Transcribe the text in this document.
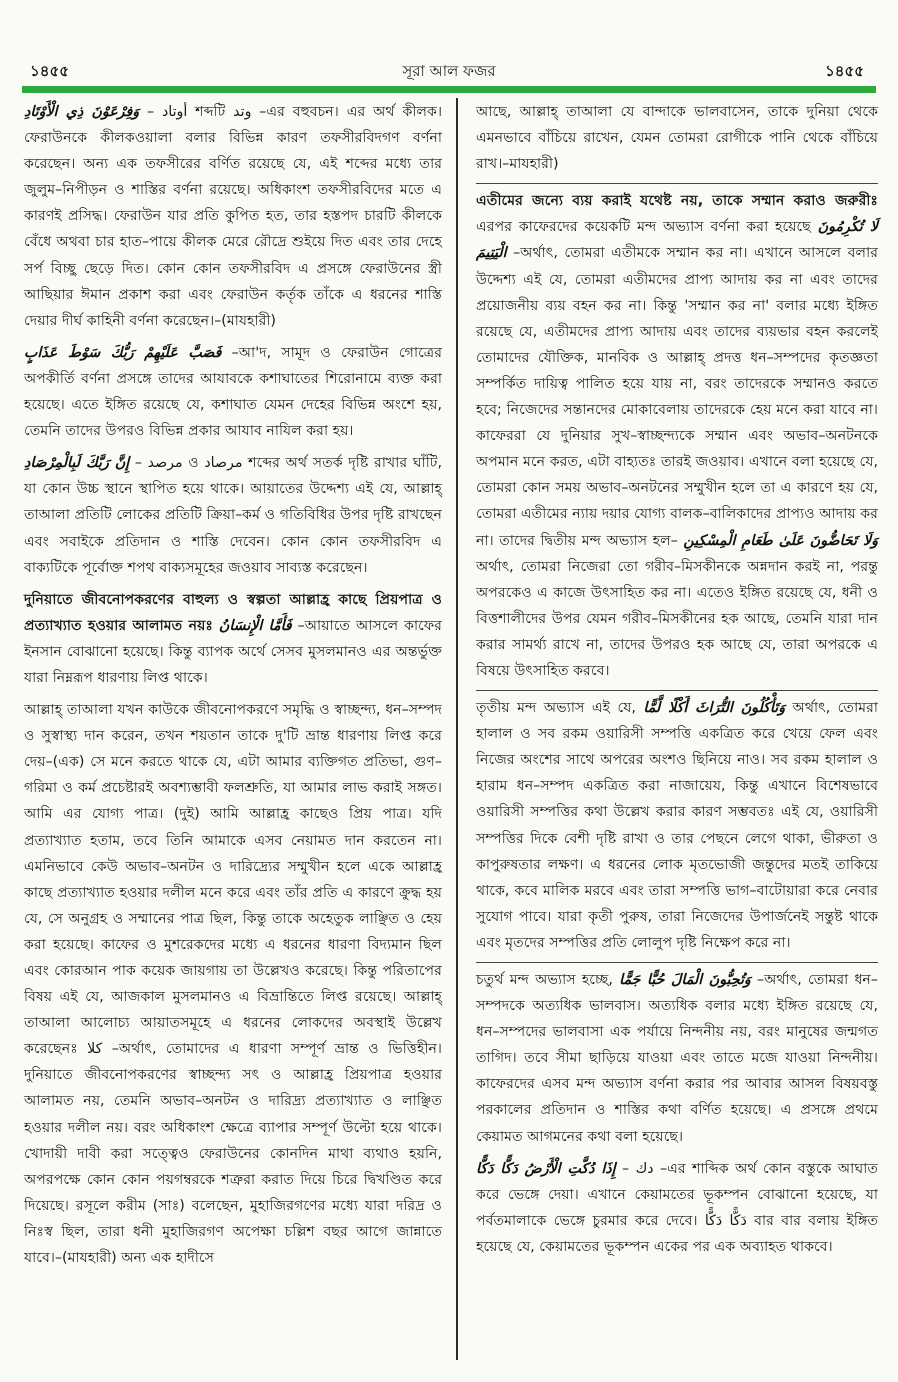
১৪৫৫	সূরা আল ফজর	১৪৫৫

وَفِرْعَوْنَ ذِي الْأَوْتَادِ – أوتاد শব্দটি وتد –এর বহুবচন। এর অর্থ কীলক। ফেরাউনকে কীলকওয়ালা বলার বিভিন্ন কারণ তফসীরবিদগণ বর্ণনা করেছেন। অন্য এক তফসীরের বর্ণিত রয়েছে যে, এই শব্দের মধ্যে তার জুলুম–নিপীড়ন ও শাস্তির বর্ণনা রয়েছে। অধিকাংশ তফসীরবিদের মতে এ কারণই প্রসিদ্ধ। ফেরাউন যার প্রতি কুপিত হত, তার হস্তপদ চারটি কীলকে বেঁধে অথবা চার হাত–পায়ে কীলক মেরে রৌদ্রে শুইয়ে দিত এবং তার দেহে সর্প বিচ্ছু ছেড়ে দিত। কোন কোন তফসীরবিদ এ প্রসঙ্গে ফেরাউনের স্ত্রী আছিয়ার ঈমান প্রকাশ করা এবং ফেরাউন কর্তৃক তাঁকে এ ধরনের শাস্তি দেয়ার দীর্ঘ কাহিনী বর্ণনা করেছেন।–(মাযহারী)

فَصَبَّ عَلَيْهِمْ رَبُّكَ سَوْطَ عَذَابٍ –আ'দ, সামূদ ও ফেরাউন গোত্রের অপকীর্তি বর্ণনা প্রসঙ্গে তাদের আযাবকে কশাঘাতের শিরোনামে ব্যক্ত করা হয়েছে। এতে ইঙ্গিত রয়েছে যে, কশাঘাত যেমন দেহের বিভিন্ন অংশে হয়, তেমনি তাদের উপরও বিভিন্ন প্রকার আযাব নাযিল করা হয়।

إِنَّ رَبَّكَ لَبِالْمِرْصَادِ – مرصد ও مرصاد শব্দের অর্থ সতর্ক দৃষ্টি রাখার ঘাঁটি, যা কোন উচ্চ স্থানে স্থাপিত হয়ে থাকে। আয়াতের উদ্দেশ্য এই যে, আল্লাহ্ তাআলা প্রতিটি লোকের প্রতিটি ক্রিয়া–কর্ম ও গতিবিধির উপর দৃষ্টি রাখছেন এবং সবাইকে প্রতিদান ও শাস্তি দেবেন। কোন কোন তফসীরবিদ এ বাক্যটিকে পূর্বোক্ত শপথ বাক্যসমূহের জওয়াব সাব্যস্ত করেছেন।

দুনিয়াতে জীবনোপকরণের বাহুল্য ও স্বল্পতা আল্লাহ্র কাছে প্রিয়পাত্র ও প্রত্যাখ্যাত হওয়ার আলামত নয়ঃ فَأَمَّا الْإِنسَانُ –আয়াতে আসলে কাফের ইনসান বোঝানো হয়েছে। কিন্তু ব্যাপক অর্থে সেসব মুসলমানও এর অন্তর্ভুক্ত যারা নিম্নরূপ ধারণায় লিপ্ত থাকে।

আল্লাহ্ তাআলা যখন কাউকে জীবনোপকরণে সমৃদ্ধি ও স্বাচ্ছন্দ্য, ধন–সম্পদ ও সুস্বাস্থ্য দান করেন, তখন শয়তান তাকে দু'টি ভ্রান্ত ধারণায় লিপ্ত করে দেয়–(এক) সে মনে করতে থাকে যে, এটা আমার ব্যক্তিগত প্রতিভা, গুণ–গরিমা ও কর্ম প্রচেষ্টারই অবশ্যম্ভাবী ফলশ্রুতি, যা আমার লাভ করাই সঙ্গত। আমি এর যোগ্য পাত্র। (দুই) আমি আল্লাহ্র কাছেও প্রিয় পাত্র। যদি প্রত্যাখ্যাত হতাম, তবে তিনি আমাকে এসব নেয়ামত দান করতেন না। এমনিভাবে কেউ অভাব–অনটন ও দারিদ্র্যের সম্মুখীন হলে একে আল্লাহ্র কাছে প্রত্যাখ্যাত হওয়ার দলীল মনে করে এবং তাঁর প্রতি এ কারণে ক্রুদ্ধ হয় যে, সে অনুগ্রহ ও সম্মানের পাত্র ছিল, কিন্তু তাকে অহেতুক লাঞ্ছিত ও হেয় করা হয়েছে। কাফের ও মুশরেকদের মধ্যে এ ধরনের ধারণা বিদ্যমান ছিল এবং কোরআন পাক কয়েক জায়গায় তা উল্লেখও করেছে। কিন্তু পরিতাপের বিষয় এই যে, আজকাল মুসলমানও এ বিভ্রান্তিতে লিপ্ত রয়েছে। আল্লাহ্ তাআলা আলোচ্য আয়াতসমূহে এ ধরনের লোকদের অবস্থাই উল্লেখ করেছেনঃ كلا –অর্থাৎ, তোমাদের এ ধারণা সম্পূর্ণ ভ্রান্ত ও ভিত্তিহীন। দুনিয়াতে জীবনোপকরণের স্বাচ্ছন্দ্য সৎ ও আল্লাহ্র প্রিয়পাত্র হওয়ার আলামত নয়, তেমনি অভাব–অনটন ও দারিদ্র্য প্রত্যাখ্যাত ও লাঞ্ছিত হওয়ার দলীল নয়। বরং অধিকাংশ ক্ষেত্রে ব্যাপার সম্পূর্ণ উল্টো হয়ে থাকে। খোদায়ী দাবী করা সত্ত্বেও ফেরাউনের কোনদিন মাথা ব্যথাও হয়নি, অপরপক্ষে কোন কোন পয়গম্বরকে শত্রুরা করাত দিয়ে চিরে দ্বিখণ্ডিত করে দিয়েছে। রসূলে করীম (সাঃ) বলেছেন, মুহাজিরগণের মধ্যে যারা দরিদ্র ও নিঃস্ব ছিল, তারা ধনী মুহাজিরগণ অপেক্ষা চল্লিশ বছর আগে জান্নাতে যাবে।–(মাযহারী) অন্য এক হাদীসে

আছে, আল্লাহ্ তাআলা যে বান্দাকে ভালবাসেন, তাকে দুনিয়া থেকে এমনভাবে বাঁচিয়ে রাখেন, যেমন তোমরা রোগীকে পানি থেকে বাঁচিয়ে রাখ।–মাযহারী)

এতীমের জন্যে ব্যয় করাই যথেষ্ট নয়, তাকে সম্মান করাও জরুরীঃ এরপর কাফেরদের কয়েকটি মন্দ অভ্যাস বর্ণনা করা হয়েছে لَا تُكْرِمُونَ الْيَتِيمَ –অর্থাৎ, তোমরা এতীমকে সম্মান কর না। এখানে আসলে বলার উদ্দেশ্য এই যে, তোমরা এতীমদের প্রাপ্য আদায় কর না এবং তাদের প্রয়োজনীয় ব্যয় বহন কর না। কিন্তু 'সম্মান কর না' বলার মধ্যে ইঙ্গিত রয়েছে যে, এতীমদের প্রাপ্য আদায় এবং তাদের ব্যয়ভার বহন করলেই তোমাদের যৌক্তিক, মানবিক ও আল্লাহ্ প্রদত্ত ধন–সম্পদের কৃতজ্ঞতা সম্পর্কিত দায়িত্ব পালিত হয়ে যায় না, বরং তাদেরকে সম্মানও করতে হবে; নিজেদের সন্তানদের মোকাবেলায় তাদেরকে হেয় মনে করা যাবে না। কাফেররা যে দুনিয়ার সুখ–স্বাচ্ছন্দ্যকে সম্মান এবং অভাব–অনটনকে অপমান মনে করত, এটা বাহ্যতঃ তারই জওয়াব। এখানে বলা হয়েছে যে, তোমরা কোন সময় অভাব–অনটনের সম্মুখীন হলে তা এ কারণে হয় যে, তোমরা এতীমের ন্যায় দয়ার যোগ্য বালক–বালিকাদের প্রাপ্যও আদায় কর না। তাদের দ্বিতীয় মন্দ অভ্যাস হল– وَلَا تَحَاضُّونَ عَلَىٰ طَعَامِ الْمِسْكِينِ অর্থাৎ, তোমরা নিজেরা তো গরীব–মিসকীনকে অন্নদান করই না, পরন্তু অপরকেও এ কাজে উৎসাহিত কর না। এতেও ইঙ্গিত রয়েছে যে, ধনী ও বিত্তশালীদের উপর যেমন গরীব–মিসকীনের হক আছে, তেমনি যারা দান করার সামর্থ্য রাখে না, তাদের উপরও হক আছে যে, তারা অপরকে এ বিষয়ে উৎসাহিত করবে।

তৃতীয় মন্দ অভ্যাস এই যে, وَتَأْكُلُونَ التُّرَاثَ أَكْلًا لَّمًّا অর্থাৎ, তোমরা হালাল ও সব রকম ওয়ারিসী সম্পত্তি একত্রিত করে খেয়ে ফেল এবং নিজের অংশের সাথে অপরের অংশও ছিনিয়ে নাও। সব রকম হালাল ও হারাম ধন–সম্পদ একত্রিত করা নাজায়েয, কিন্তু এখানে বিশেষভাবে ওয়ারিসী সম্পত্তির কথা উল্লেখ করার কারণ সম্ভবতঃ এই যে, ওয়ারিসী সম্পত্তির দিকে বেশী দৃষ্টি রাখা ও তার পেছনে লেগে থাকা, ভীরুতা ও কাপুরুষতার লক্ষণ। এ ধরনের লোক মৃতভোজী জন্তুদের মতই তাকিয়ে থাকে, কবে মালিক মরবে এবং তারা সম্পত্তি ভাগ–বাটোয়ারা করে নেবার সুযোগ পাবে। যারা কৃতী পুরুষ, তারা নিজেদের উপার্জনেই সন্তুষ্ট থাকে এবং মৃতদের সম্পত্তির প্রতি লোলুপ দৃষ্টি নিক্ষেপ করে না।

চতুর্থ মন্দ অভ্যাস হচ্ছে, وَتُحِبُّونَ الْمَالَ حُبًّا جَمًّا –অর্থাৎ, তোমরা ধন–সম্পদকে অত্যধিক ভালবাস। অত্যধিক বলার মধ্যে ইঙ্গিত রয়েছে যে, ধন–সম্পদের ভালবাসা এক পর্যায়ে নিন্দনীয় নয়, বরং মানুষের জন্মগত তাগিদ। তবে সীমা ছাড়িয়ে যাওয়া এবং তাতে মজে যাওয়া নিন্দনীয়। কাফেরদের এসব মন্দ অভ্যাস বর্ণনা করার পর আবার আসল বিষয়বস্তু পরকালের প্রতিদান ও শাস্তির কথা বর্ণিত হয়েছে। এ প্রসঙ্গে প্রথমে কেয়ামত আগমনের কথা বলা হয়েছে।

إِذَا دُكَّتِ الْأَرْضُ دَكًّا دَكًّا – دك –এর শাব্দিক অর্থ কোন বস্তুকে আঘাত করে ভেঙ্গে দেয়া। এখানে কেয়ামতের ভূকম্পন বোঝানো হয়েছে, যা পর্বতমালাকে ভেঙ্গে চুরমার করে দেবে। دَكًّا دَكًّا বার বার বলায় ইঙ্গিত হয়েছে যে, কেয়ামতের ভূকম্পন একের পর এক অব্যাহত থাকবে।
